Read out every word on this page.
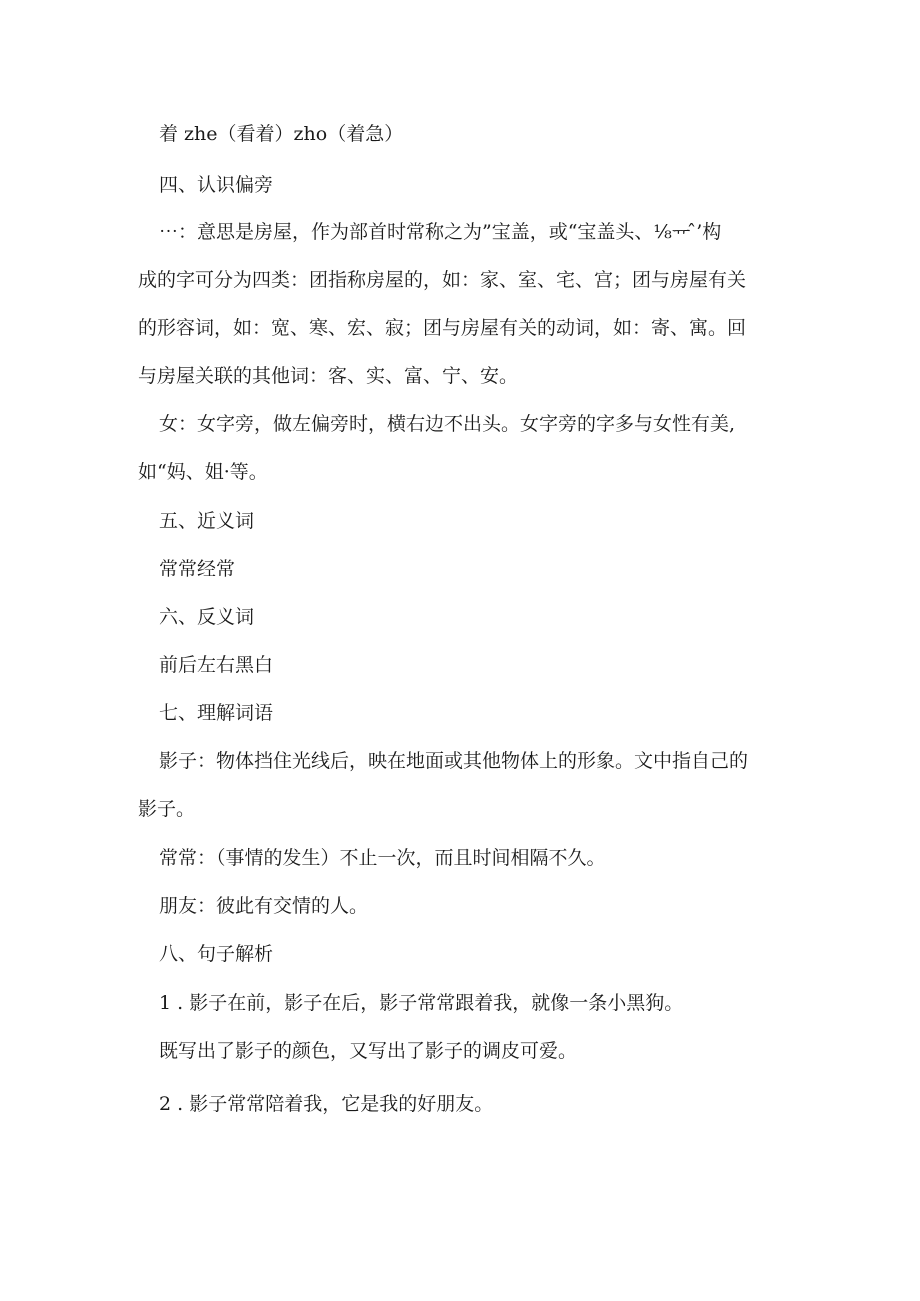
着 zhe（看着）zho（着急）
四、认识偏旁
⋯：意思是房屋，作为部首时常称之为”宝盖，或“宝盖头、⅛ᅲ ̂’构
成的字可分为四类：团指称房屋的，如：家、室、宅、宫；团与房屋有关
的形容词，如：宽、寒、宏、寂；团与房屋有关的动词，如：寄、寓。回
与房屋关联的其他词：客、实、富、宁、安。
女：女字旁，做左偏旁时，横右边不出头。女字旁的字多与女性有美,
如“妈、姐·等。
五、近义词
常常经常
六、反义词
前后左右黑白
七、理解词语
影子：物体挡住光线后，映在地面或其他物体上的形象。文中指自己的
影子。
常常：（事情的发生）不止一次，而且时间相隔不久。
朋友：彼此有交情的人。
八、句子解析
1 . 影子在前，影子在后，影子常常跟着我，就像一条小黑狗。
既写出了影子的颜色，又写出了影子的调皮可爱。
2 . 影子常常陪着我，它是我的好朋友。
